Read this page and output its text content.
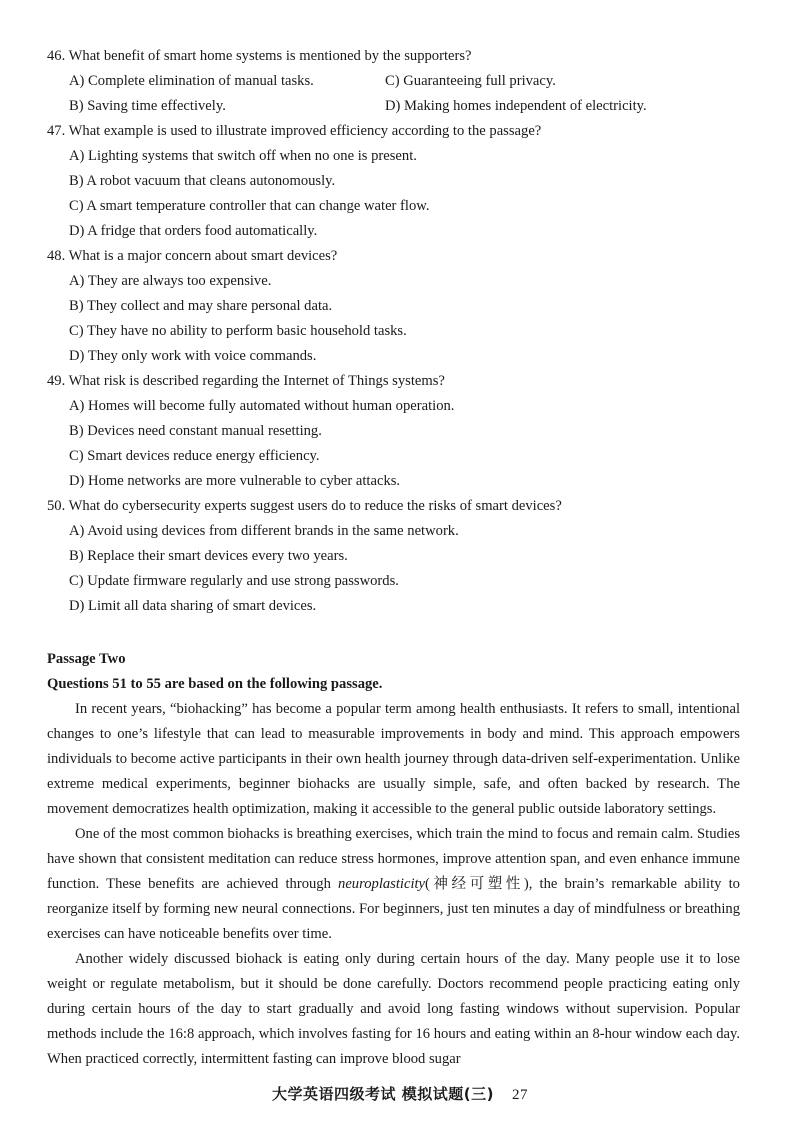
46. What benefit of smart home systems is mentioned by the supporters?
A) Complete elimination of manual tasks.	C) Guaranteeing full privacy.
B) Saving time effectively.	D) Making homes independent of electricity.
47. What example is used to illustrate improved efficiency according to the passage?
A) Lighting systems that switch off when no one is present.
B) A robot vacuum that cleans autonomously.
C) A smart temperature controller that can change water flow.
D) A fridge that orders food automatically.
48. What is a major concern about smart devices?
A) They are always too expensive.
B) They collect and may share personal data.
C) They have no ability to perform basic household tasks.
D) They only work with voice commands.
49. What risk is described regarding the Internet of Things systems?
A) Homes will become fully automated without human operation.
B) Devices need constant manual resetting.
C) Smart devices reduce energy efficiency.
D) Home networks are more vulnerable to cyber attacks.
50. What do cybersecurity experts suggest users do to reduce the risks of smart devices?
A) Avoid using devices from different brands in the same network.
B) Replace their smart devices every two years.
C) Update firmware regularly and use strong passwords.
D) Limit all data sharing of smart devices.
Passage Two
Questions 51 to 55 are based on the following passage.

In recent years, “biohacking” has become a popular term among health enthusiasts. It refers to small, intentional changes to one’s lifestyle that can lead to measurable improvements in body and mind. This approach empowers individuals to become active participants in their own health journey through data-driven self-experimentation. Unlike extreme medical experiments, beginner biohacks are usually simple, safe, and often backed by research. The movement democratizes health optimization, making it accessible to the general public outside laboratory settings.

One of the most common biohacks is breathing exercises, which train the mind to focus and remain calm. Studies have shown that consistent meditation can reduce stress hormones, improve attention span, and even enhance immune function. These benefits are achieved through neuroplasticity(神经可塑性), the brain’s remarkable ability to reorganize itself by forming new neural connections. For beginners, just ten minutes a day of mindfulness or breathing exercises can have noticeable benefits over time.

Another widely discussed biohack is eating only during certain hours of the day. Many people use it to lose weight or regulate metabolism, but it should be done carefully. Doctors recommend people practicing eating only during certain hours of the day to start gradually and avoid long fasting windows without supervision. Popular methods include the 16:8 approach, which involves fasting for 16 hours and eating within an 8-hour window each day. When practiced correctly, intermittent fasting can improve blood sugar

大学英语四级考试 模拟试题(三) 27
